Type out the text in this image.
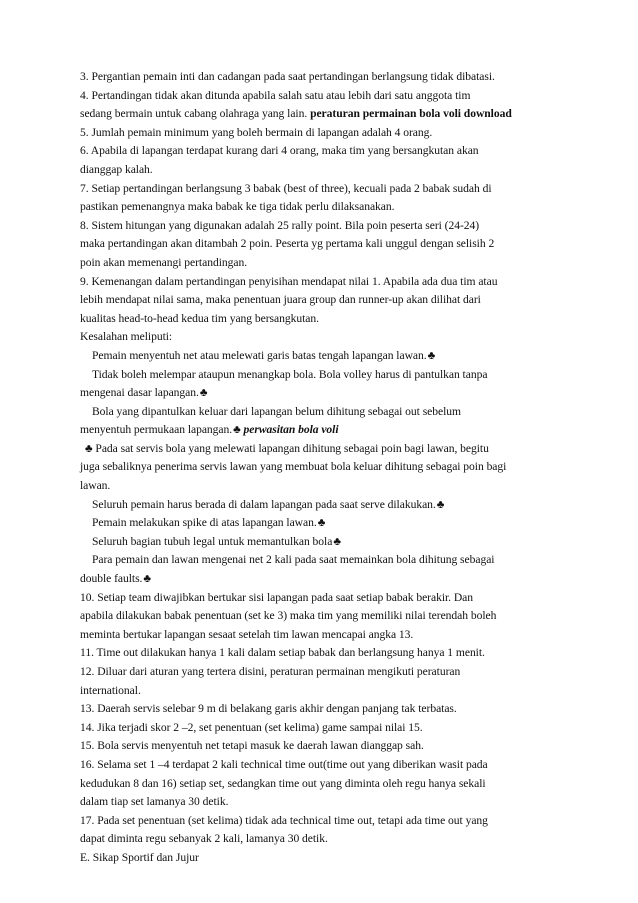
3. Pergantian pemain inti dan cadangan pada saat pertandingan berlangsung tidak dibatasi.
4. Pertandingan tidak akan ditunda apabila salah satu atau lebih dari satu anggota tim
sedang bermain untuk cabang olahraga yang lain. peraturan permainan bola voli download
5. Jumlah pemain minimum yang boleh bermain di lapangan adalah 4 orang.
6. Apabila di lapangan terdapat kurang dari 4 orang, maka tim yang bersangkutan akan
dianggap kalah.
7. Setiap pertandingan berlangsung 3 babak (best of three), kecuali pada 2 babak sudah di
pastikan pemenangnya maka babak ke tiga tidak perlu dilaksanakan.
8. Sistem hitungan yang digunakan adalah 25 rally point. Bila poin peserta seri (24-24)
maka pertandingan akan ditambah 2 poin. Peserta yg pertama kali unggul dengan selisih 2
poin akan memenangi pertandingan.
9. Kemenangan dalam pertandingan penyisihan mendapat nilai 1. Apabila ada dua tim atau
lebih mendapat nilai sama, maka penentuan juara group dan runner-up akan dilihat dari
kualitas head-to-head kedua tim yang bersangkutan.
Kesalahan meliputi:
Pemain menyentuh net atau melewati garis batas tengah lapangan lawan.♣
Tidak boleh melempar ataupun menangkap bola. Bola volley harus di pantulkan tanpa
mengenai dasar lapangan.♣
Bola yang dipantulkan keluar dari lapangan belum dihitung sebagai out sebelum
menyentuh permukaan lapangan.♣ perwasitan bola voli
♣ Pada sat servis bola yang melewati lapangan dihitung sebagai poin bagi lawan, begitu
juga sebaliknya penerima servis lawan yang membuat bola keluar dihitung sebagai poin bagi
lawan.
Seluruh pemain harus berada di dalam lapangan pada saat serve dilakukan.♣
Pemain melakukan spike di atas lapangan lawan.♣
Seluruh bagian tubuh legal untuk memantulkan bola♣
Para pemain dan lawan mengenai net 2 kali pada saat memainkan bola dihitung sebagai
double faults.♣
10. Setiap team diwajibkan bertukar sisi lapangan pada saat setiap babak berakir. Dan
apabila dilakukan babak penentuan (set ke 3) maka tim yang memiliki nilai terendah boleh
meminta bertukar lapangan sesaat setelah tim lawan mencapai angka 13.
11. Time out dilakukan hanya 1 kali dalam setiap babak dan berlangsung hanya 1 menit.
12. Diluar dari aturan yang tertera disini, peraturan permainan mengikuti peraturan
international.
13. Daerah servis selebar 9 m di belakang garis akhir dengan panjang tak terbatas.
14. Jika terjadi skor 2 –2, set penentuan (set kelima) game sampai nilai 15.
15. Bola servis menyentuh net tetapi masuk ke daerah lawan dianggap sah.
16. Selama set 1 –4 terdapat 2 kali technical time out(time out yang diberikan wasit pada
kedudukan 8 dan 16) setiap set, sedangkan time out yang diminta oleh regu hanya sekali
dalam tiap set lamanya 30 detik.
17. Pada set penentuan (set kelima) tidak ada technical time out, tetapi ada time out yang
dapat diminta regu sebanyak 2 kali, lamanya 30 detik.
E. Sikap Sportif dan Jujur
